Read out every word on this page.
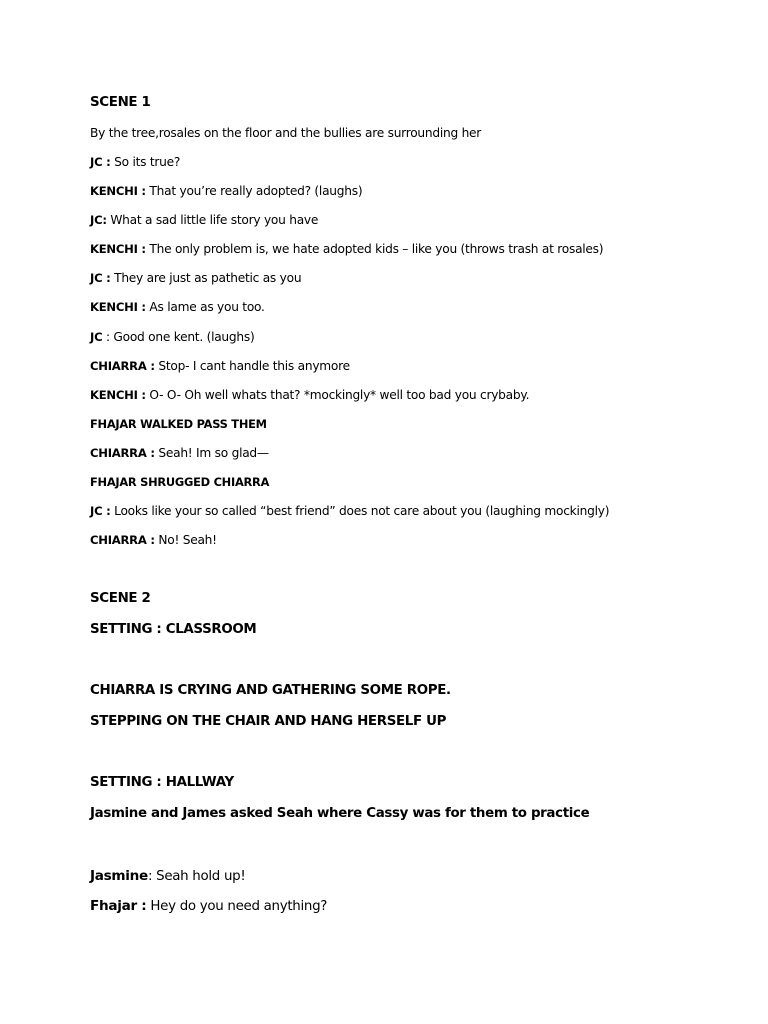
SCENE 1
By the tree,rosales on the floor and the bullies are surrounding her
JC : So its true?
KENCHI : That you’re really adopted? (laughs)
JC: What a sad little life story you have
KENCHI : The only problem is, we hate adopted kids – like you (throws trash at rosales)
JC : They are just as pathetic as you
KENCHI : As lame as you too.
JC : Good one kent. (laughs)
CHIARRA : Stop- I cant handle this anymore
KENCHI : O- O- Oh well whats that? *mockingly* well too bad you crybaby.
FHAJAR WALKED PASS THEM
CHIARRA : Seah! Im so glad—
FHAJAR SHRUGGED CHIARRA
JC : Looks like your so called “best friend” does not care about you (laughing mockingly)
CHIARRA : No! Seah!
SCENE 2
SETTING : CLASSROOM
CHIARRA IS CRYING AND GATHERING SOME ROPE.
STEPPING ON THE CHAIR AND HANG HERSELF UP
SETTING : HALLWAY
Jasmine and James asked Seah where Cassy was for them to practice
Jasmine: Seah hold up!
Fhajar : Hey do you need anything?
